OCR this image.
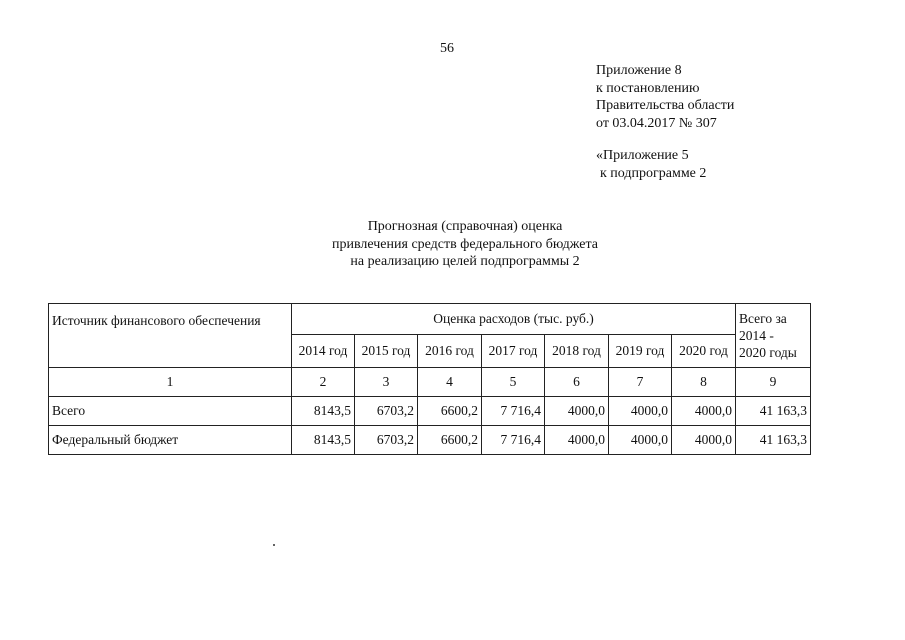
56
Приложение 8
к постановлению
Правительства области
от 03.04.2017 № 307
«Приложение 5
к подпрограмме 2
Прогнозная (справочная) оценка
привлечения средств федерального бюджета
на реализацию целей подпрограммы 2
Источник финансового обеспечения	Оценка расходов (тыс. руб.)							Всего за
2014 -
2020 годы

	2014 год	2015 год	2016 год	2017 год	2018 год	2019 год	2020 год	
1	2	3	4	5	6	7	8	9
Всего	8143,5	6703,2	6600,2	7 716,4	4000,0	4000,0	4000,0	41 163,3
Федеральный бюджет	8143,5	6703,2	6600,2	7 716,4	4000,0	4000,0	4000,0	41 163,3
